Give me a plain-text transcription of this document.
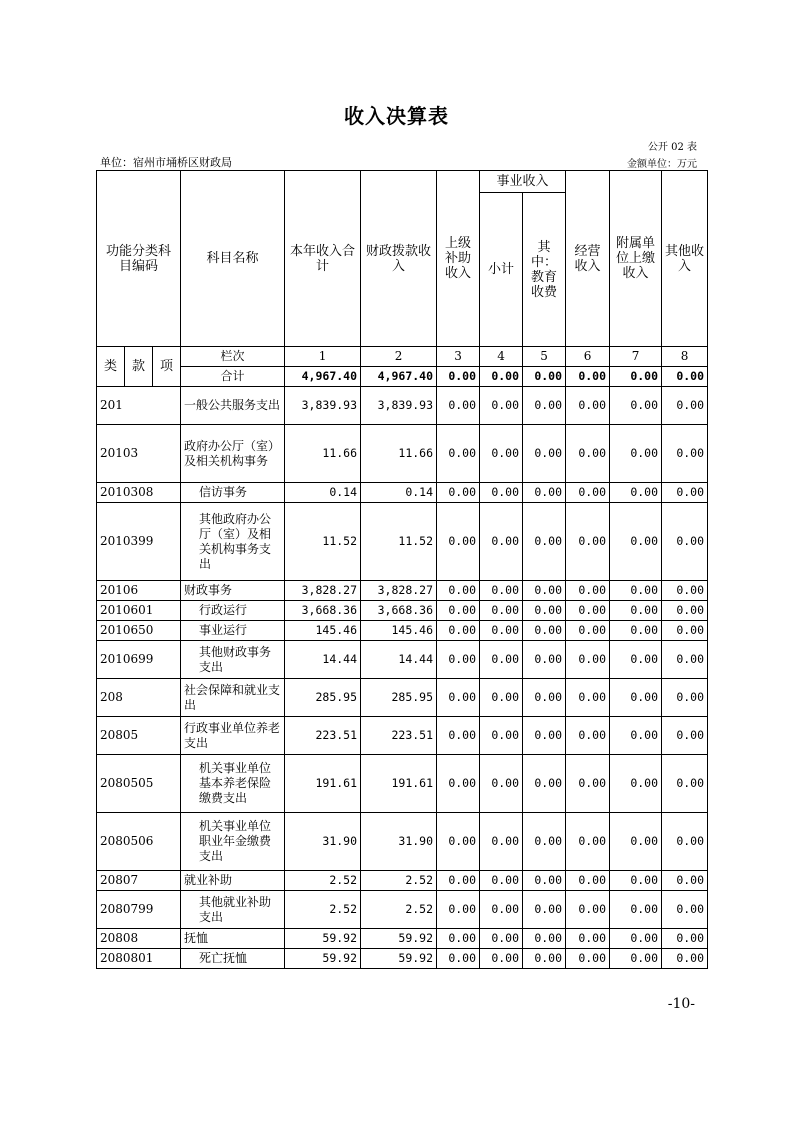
收入决算表
公开 02 表
单位：宿州市埇桥区财政局	金额单位：万元
功能分类科目编码			科目名称	本年收入合计	财政拨款收入	上级补助收入	事业收入		经营收入	附属单位上缴收入	其他收入
							小计	其中：教育收费			
类	款	项	栏次	1	2	3	4	5	6	7	8
			合计	4,967.40	4,967.40	0.00	0.00	0.00	0.00	0.00	0.00
201			一般公共服务支出	3,839.93	3,839.93	0.00	0.00	0.00	0.00	0.00	0.00
20103			政府办公厅（室）及相关机构事务	11.66	11.66	0.00	0.00	0.00	0.00	0.00	0.00
2010308			信访事务	0.14	0.14	0.00	0.00	0.00	0.00	0.00	0.00
2010399			其他政府办公厅（室）及相关机构事务支出	11.52	11.52	0.00	0.00	0.00	0.00	0.00	0.00
20106			财政事务	3,828.27	3,828.27	0.00	0.00	0.00	0.00	0.00	0.00
2010601			行政运行	3,668.36	3,668.36	0.00	0.00	0.00	0.00	0.00	0.00
2010650			事业运行	145.46	145.46	0.00	0.00	0.00	0.00	0.00	0.00
2010699			其他财政事务支出	14.44	14.44	0.00	0.00	0.00	0.00	0.00	0.00
208			社会保障和就业支出	285.95	285.95	0.00	0.00	0.00	0.00	0.00	0.00
20805			行政事业单位养老支出	223.51	223.51	0.00	0.00	0.00	0.00	0.00	0.00
2080505			机关事业单位基本养老保险缴费支出	191.61	191.61	0.00	0.00	0.00	0.00	0.00	0.00
2080506			机关事业单位职业年金缴费支出	31.90	31.90	0.00	0.00	0.00	0.00	0.00	0.00
20807			就业补助	2.52	2.52	0.00	0.00	0.00	0.00	0.00	0.00
2080799			其他就业补助支出	2.52	2.52	0.00	0.00	0.00	0.00	0.00	0.00
20808			抚恤	59.92	59.92	0.00	0.00	0.00	0.00	0.00	0.00
2080801			死亡抚恤	59.92	59.92	0.00	0.00	0.00	0.00	0.00	0.00
-10-
